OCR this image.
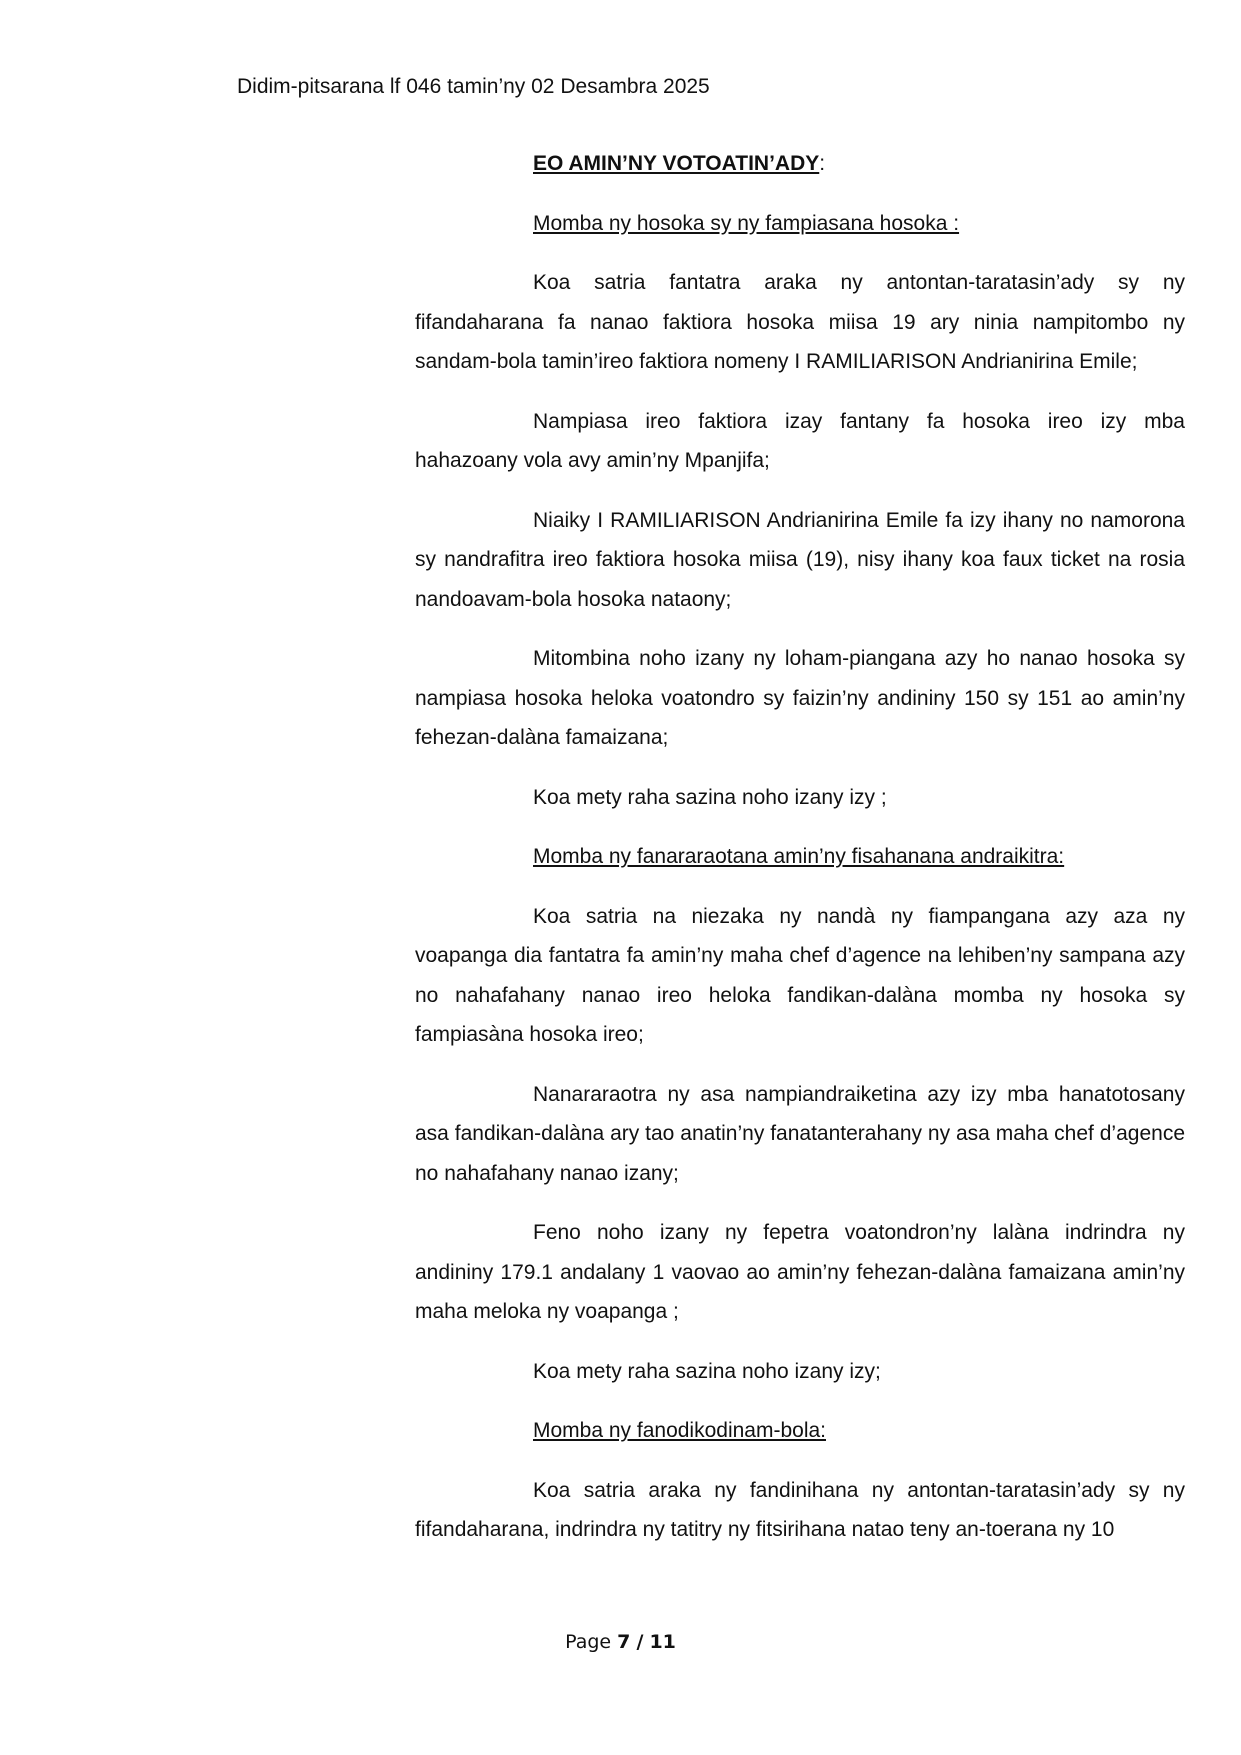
Didim-pitsarana lf 046 tamin’ny 02 Desambra 2025

EO AMIN’NY VOTOATIN’ADY:

Momba ny hosoka sy ny fampiasana hosoka :

Koa satria fantatra araka ny antontan-taratasin’ady sy ny fifandaharana fa nanao faktiora hosoka miisa 19 ary ninia nampitombo ny sandam-bola tamin’ireo faktiora nomeny I RAMILIARISON Andrianirina Emile;

Nampiasa ireo faktiora izay fantany fa hosoka ireo izy mba hahazoany vola avy amin’ny Mpanjifa;

Niaiky I RAMILIARISON Andrianirina Emile fa izy ihany no namorona sy nandrafitra ireo faktiora hosoka miisa (19), nisy ihany koa faux ticket na rosia nandoavam-bola hosoka nataony;

Mitombina noho izany ny loham-piangana azy ho nanao hosoka sy nampiasa hosoka heloka voatondro sy faizin’ny andininy 150 sy 151 ao amin’ny fehezan-dalàna famaizana;

Koa mety raha sazina noho izany izy ;

Momba ny fanararaotana amin’ny fisahanana andraikitra:

Koa satria na niezaka ny nandà ny fiampangana azy aza ny voapanga dia fantatra fa amin’ny maha chef d’agence na lehiben’ny sampana azy no nahafahany nanao ireo heloka fandikan-dalàna momba ny hosoka sy fampiasàna hosoka ireo;

Nanararaotra ny asa nampiandraiketina azy izy mba hanatotosany asa fandikan-dalàna ary tao anatin’ny fanatanterahany ny asa maha chef d’agence no nahafahany nanao izany;

Feno noho izany ny fepetra voatondron’ny lalàna indrindra ny andininy 179.1 andalany 1 vaovao ao amin’ny fehezan-dalàna famaizana amin’ny maha meloka ny voapanga ;

Koa mety raha sazina noho izany izy;

Momba ny fanodikodinam-bola:

Koa satria araka ny fandinihana ny antontan-taratasin’ady sy ny fifandaharana, indrindra ny tatitry ny fitsirihana natao teny an-toerana ny 10

Page 7 / 11
